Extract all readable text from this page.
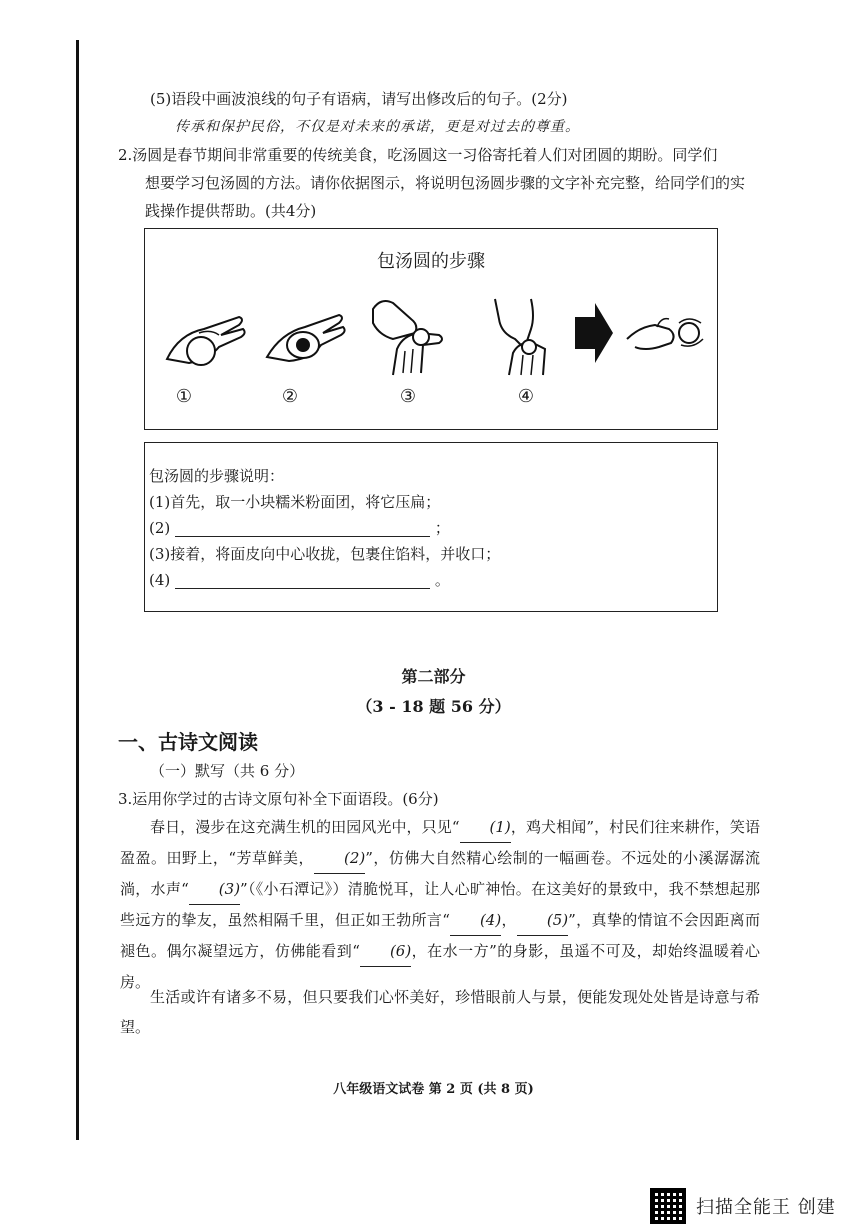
(5)语段中画波浪线的句子有语病，请写出修改后的句子。(2分)
传承和保护民俗，不仅是对未来的承诺，更是对过去的尊重。
2.汤圆是春节期间非常重要的传统美食，吃汤圆这一习俗寄托着人们对团圆的期盼。同学们
想要学习包汤圆的方法。请你依据图示，将说明包汤圆步骤的文字补充完整，给同学们的实
践操作提供帮助。(共4分)
包汤圆的步骤
①	②	③	④
包汤圆的步骤说明：
(1)首先，取一小块糯米粉面团，将它压扁；
(2)	；
(3)接着，将面皮向中心收拢，包裹住馅料，并收口；
(4)	。
第二部分
（3 - 18 题 56 分）
一、古诗文阅读
（一）默写（共 6 分）
3.运用你学过的古诗文原句补全下面语段。(6分)
春日，漫步在这充满生机的田园风光中，只见“ (1)，鸡犬相闻”，村民们往来耕作，笑语盈盈。田野上，“芳草鲜美， (2)”，仿佛大自然精心绘制的一幅画卷。不远处的小溪潺潺流淌，水声“ (3)”（《小石潭记》）清脆悦耳，让人心旷神怡。在这美好的景致中，我不禁想起那些远方的挚友，虽然相隔千里，但正如王勃所言“ (4)， (5)”，真挚的情谊不会因距离而褪色。偶尔凝望远方，仿佛能看到“ (6)，在水一方”的身影，虽遥不可及，却始终温暖着心房。
生活或许有诸多不易，但只要我们心怀美好，珍惜眼前人与景，便能发现处处皆是诗意与希望。
八年级语文试卷 第 2 页 (共 8 页)
扫描全能王 创建
